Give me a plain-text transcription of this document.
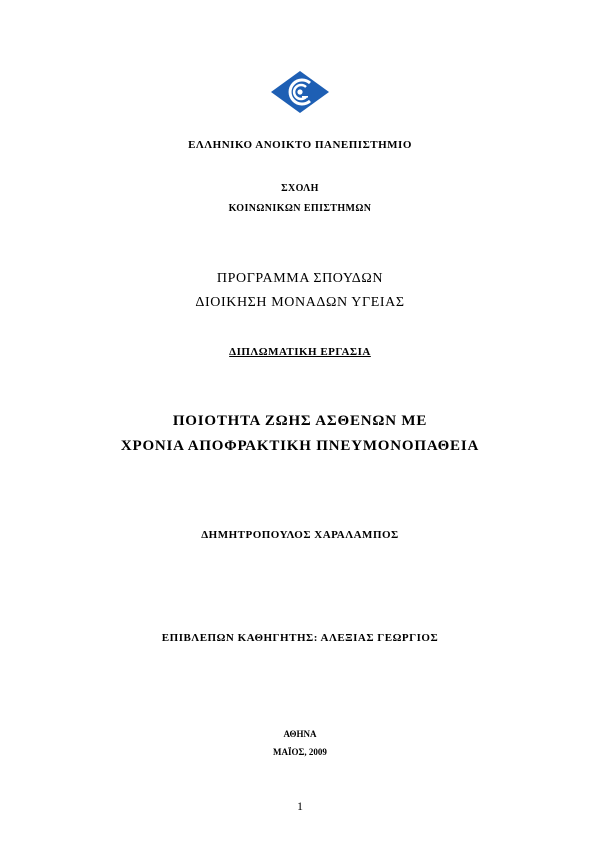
ΕΛΛΗΝΙΚΟ ΑΝΟΙΚΤΟ ΠΑΝΕΠΙΣΤΗΜΙΟ
ΣΧΟΛΗ
ΚΟΙΝΩΝΙΚΩΝ ΕΠΙΣΤΗΜΩΝ
ΠΡΟΓΡΑΜΜΑ ΣΠΟΥΔΩΝ
ΔΙΟΙΚΗΣΗ ΜΟΝΑΔΩΝ ΥΓΕΙΑΣ
ΔΙΠΛΩΜΑΤΙΚΗ ΕΡΓΑΣΙΑ
ΠΟΙΟΤΗΤΑ ΖΩΗΣ ΑΣΘΕΝΩΝ ΜΕ
ΧΡΟΝΙΑ ΑΠΟΦΡΑΚΤΙΚΗ ΠΝΕΥΜΟΝΟΠΑΘΕΙΑ
ΔΗΜΗΤΡΟΠΟΥΛΟΣ ΧΑΡΑΛΑΜΠΟΣ
ΕΠΙΒΛΕΠΩΝ ΚΑΘΗΓΗΤΗΣ: ΑΛΕΞΙΑΣ ΓΕΩΡΓΙΟΣ
ΑΘΗΝΑ
ΜΑΪΟΣ, 2009
1
